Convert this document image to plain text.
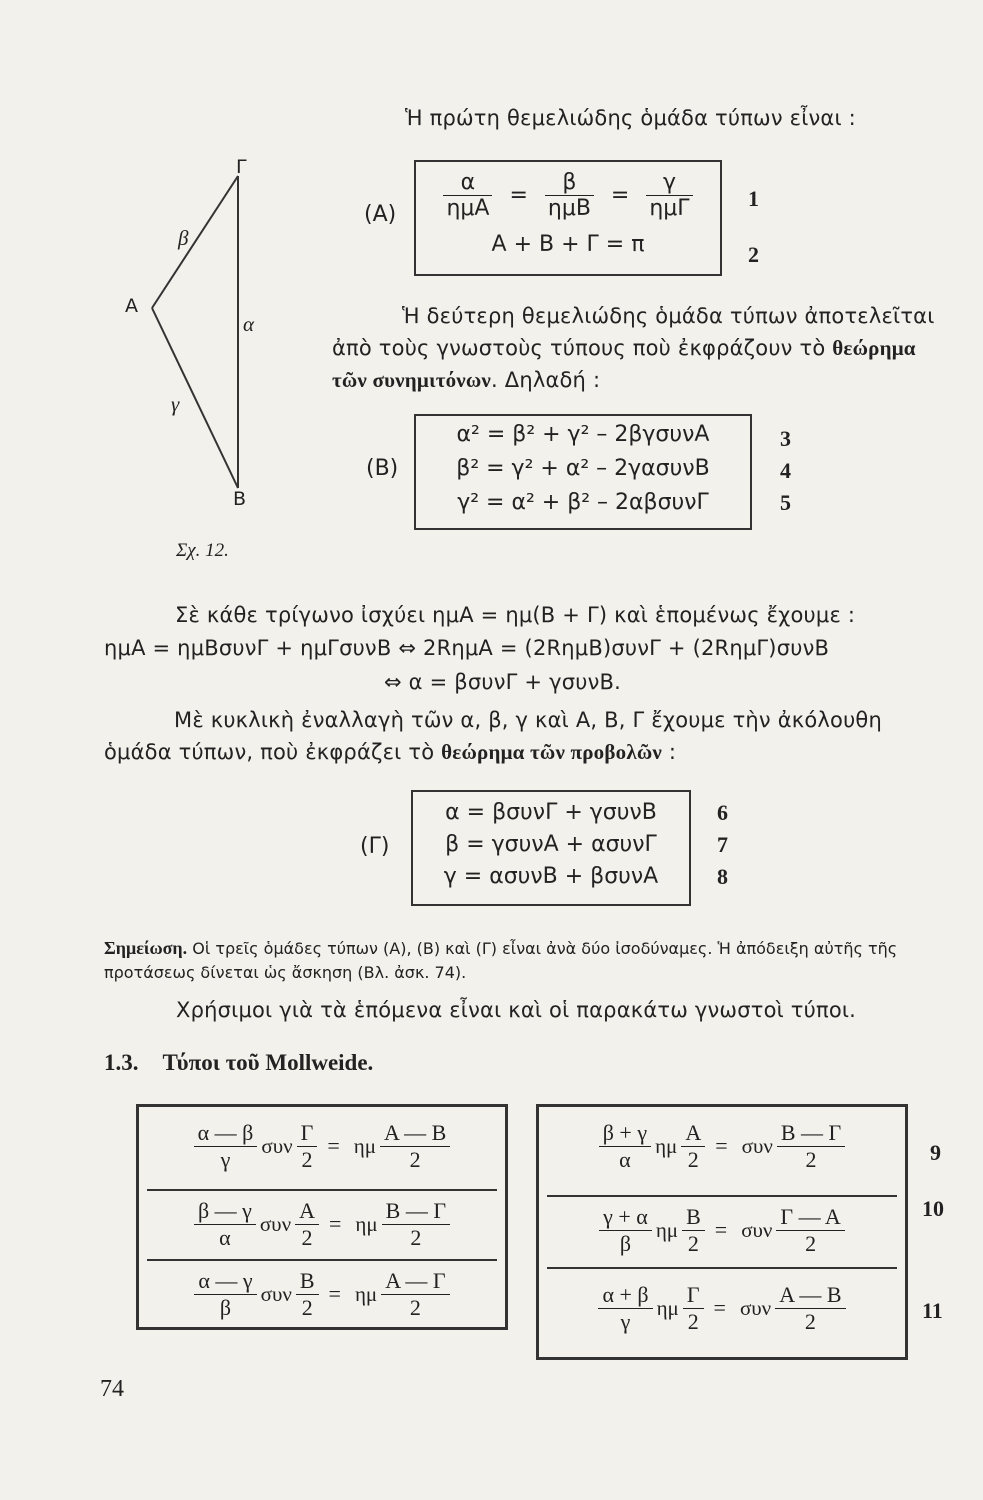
Γ
A
B
β
α
γ
Σχ. 12.
Ἡ πρώτη θεμελιώδης ὁμάδα τύπων εἶναι :
$(A) \frac{\alpha}{\text{ημΑ}} = \frac{\beta}{\text{ημΒ}} = \frac{\gamma}{\text{ημΓ}}$
Α + Β + Γ = π
1
2
Ἡ δεύτερη θεμελιώδης ὁμάδα τύπων ἀποτελεῖται ἀπὸ τοὺς γνωστοὺς τύπους ποὺ ἐκφράζουν τὸ θεώρημα τῶν συνημιτόνων. Δηλαδή :
(B)
α² = β² + γ² – 2βγσυνΑ
β² = γ² + α² – 2γασυνΒ
γ² = α² + β² – 2αβσυνΓ
3
4
5
Σὲ κάθε τρίγωνο ἰσχύει ημΑ = ημ(Β + Γ) καὶ ἑπομένως ἔχουμε :
ημΑ = ημΒσυνΓ + ημΓσυνΒ ⇔ 2RημΑ = (2RημΒ)συνΓ + (2RημΓ)συνΒ
⇔ α = βσυνΓ + γσυνΒ.
Μὲ κυκλικὴ ἐναλλαγὴ τῶν α, β, γ καὶ Α, Β, Γ ἔχουμε τὴν ἀκόλουθη ὁμάδα τύπων, ποὺ ἐκφράζει τὸ θεώρημα τῶν προβολῶν :
(Γ)
α = βσυνΓ + γσυνΒ
β = γσυνΑ + ασυνΓ
γ = ασυνΒ + βσυνΑ
6
7
8
Σημείωση. Οἱ τρεῖς ὁμάδες τύπων (A), (B) καὶ (Γ) εἶναι ἀνὰ δύο ἰσοδύναμες. Ἡ ἀπόδειξη αὐτῆς τῆς προτάσεως δίνεται ὡς ἄσκηση (Βλ. ἀσκ. 74).
Χρήσιμοι γιὰ τὰ ἑπόμενα εἶναι καὶ οἱ παρακάτω γνωστοὶ τύποι.
1.3. Τύποι τοῦ Mollweide.
$\frac{\alpha — \beta}{\gamma}$ συν $\frac{\Gamma}{2} = \eta\mu \frac{A — B}{2}$
$\frac{\beta — \gamma}{\alpha}$ συν $\frac{A}{2} = \eta\mu \frac{B — \Gamma}{2}$
$\frac{\alpha — \gamma}{\beta}$ συν $\frac{B}{2} = \eta\mu \frac{A — \Gamma}{2}$
$\frac{\beta + \gamma}{\alpha}$ ημ $\frac{A}{2} = \sigma\upsilon\nu \frac{B — \Gamma}{2}$
$\frac{\gamma + \alpha}{\beta}$ ημ $\frac{B}{2} = \sigma\upsilon\nu \frac{\Gamma — A}{2}$
$\frac{\alpha + \beta}{\gamma}$ ημ $\frac{\Gamma}{2} = \sigma\upsilon\nu \frac{A — B}{2}$
9
10
11
74
